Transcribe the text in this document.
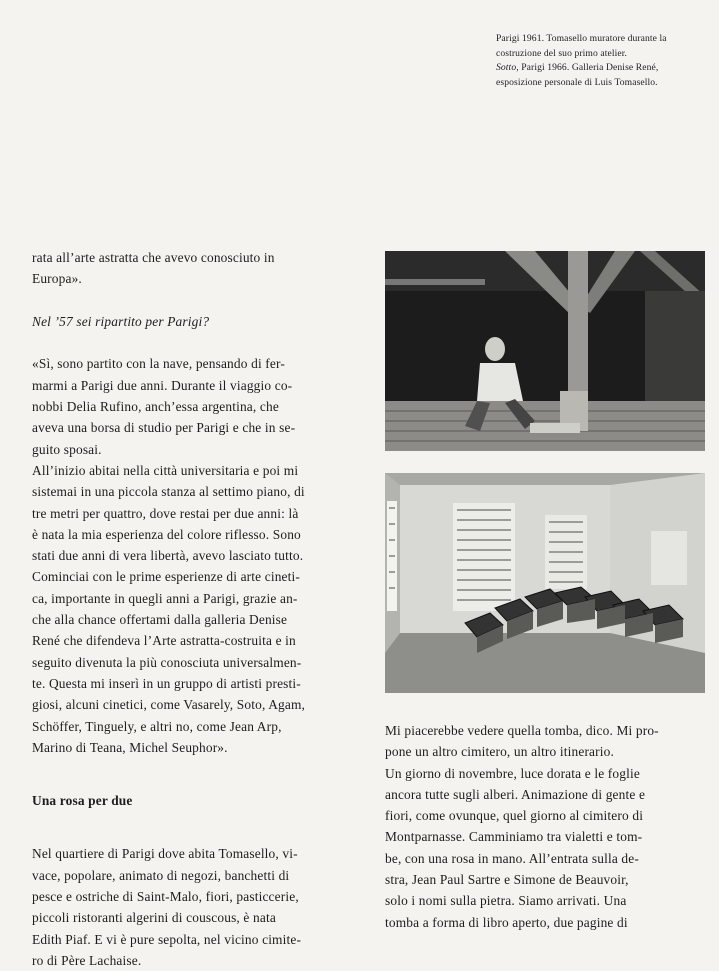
Parigi 1961. Tomasello muratore durante la

costruzione del suo primo atelier.

Sotto, Parigi 1966. Galleria Denise René,

esposizione personale di Luis Tomasello.

rata all’arte astratta che avevo conosciuto in

Europa».

Nel ’57 sei ripartito per Parigi?

«Sì, sono partito con la nave, pensando di fer-

marmi a Parigi due anni. Durante il viaggio co-

nobbi Delia Rufino, anch’essa argentina, che

aveva una borsa di studio per Parigi e che in se-

guito sposai.

All’inizio abitai nella città universitaria e poi mi

sistemai in una piccola stanza al settimo piano, di

tre metri per quattro, dove restai per due anni: là

è nata la mia esperienza del colore riflesso. Sono

stati due anni di vera libertà, avevo lasciato tutto.

Cominciai con le prime esperienze di arte cineti-

ca, importante in quegli anni a Parigi, grazie an-

che alla chance offertami dalla galleria Denise

René che difendeva l’Arte astratta-costruita e in

seguito divenuta la più conosciuta universalmen-

te. Questa mi inserì in un gruppo di artisti presti-

giosi, alcuni cinetici, come Vasarely, Soto, Agam,

Schöffer, Tinguely, e altri no, come Jean Arp,

Marino di Teana, Michel Seuphor».

Una rosa per due

Nel quartiere di Parigi dove abita Tomasello, vi-

vace, popolare, animato di negozi, banchetti di

pesce e ostriche di Saint-Malo, fiori, pasticcerie,

piccoli ristoranti algerini di couscous, è nata

Edith Piaf. E vi è pure sepolta, nel vicino cimite-

ro di Père Lachaise.

Mi piacerebbe vedere quella tomba, dico. Mi pro-

pone un altro cimitero, un altro itinerario.

Un giorno di novembre, luce dorata e le foglie

ancora tutte sugli alberi. Animazione di gente e

fiori, come ovunque, quel giorno al cimitero di

Montparnasse. Camminiamo tra vialetti e tom-

be, con una rosa in mano. All’entrata sulla de-

stra, Jean Paul Sartre e Simone de Beauvoir,

solo i nomi sulla pietra. Siamo arrivati. Una

tomba a forma di libro aperto, due pagine di
